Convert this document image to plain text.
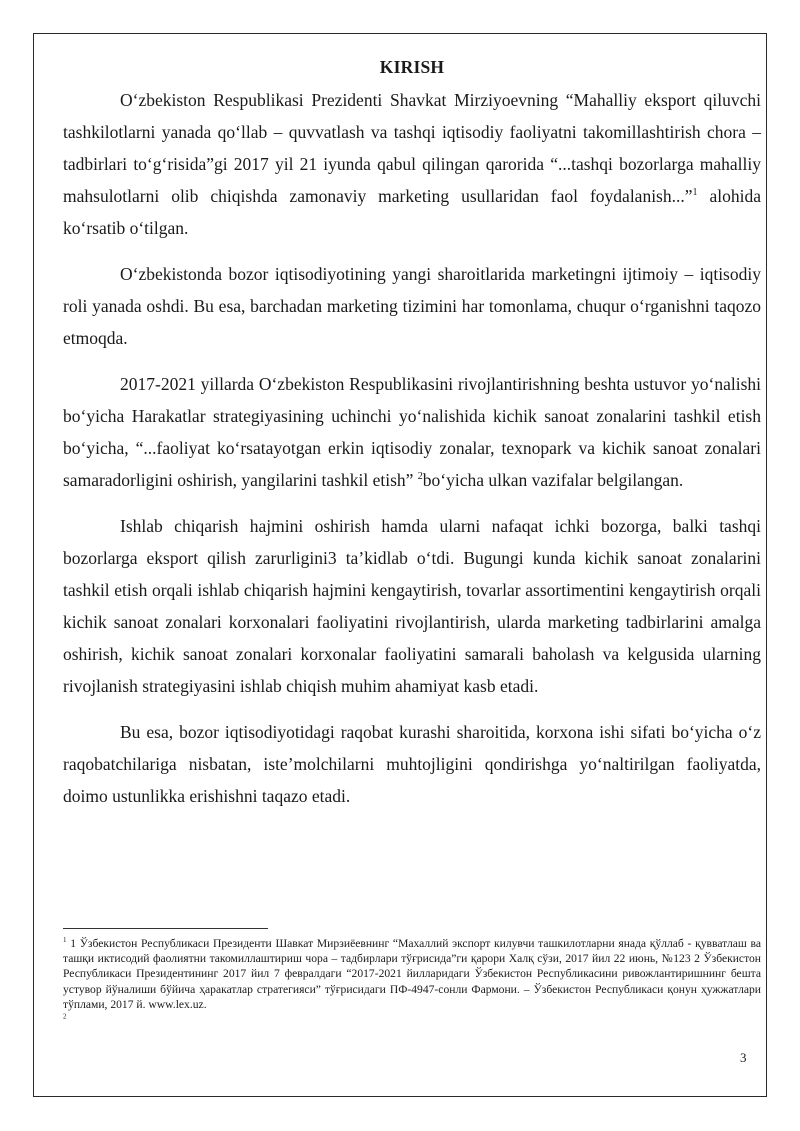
KIRISH

O‘zbekiston Respublikasi Prezidenti Shavkat Mirziyoevning “Mahalliy eksport qiluvchi tashkilotlarni yanada qo‘llab – quvvatlash va tashqi iqtisodiy faoliyatni takomillashtirish chora – tadbirlari to‘g‘risida”gi 2017 yil 21 iyunda qabul qilingan qarorida “...tashqi bozorlarga mahalliy mahsulotlarni olib chiqishda zamonaviy marketing usullaridan faol foydalanish...”$^1$ alohida ko‘rsatib o‘tilgan.

O‘zbekistonda bozor iqtisodiyotining yangi sharoitlarida marketingni ijtimoiy – iqtisodiy roli yanada oshdi. Bu esa, barchadan marketing tizimini har tomonlama, chuqur o‘rganishni taqozo etmoqda.

2017-2021 yillarda O‘zbekiston Respublikasini rivojlantirishning beshta ustuvor yo‘nalishi bo‘yicha Harakatlar strategiyasining uchinchi yo‘nalishida kichik sanoat zonalarini tashkil etish bo‘yicha, “...faoliyat ko‘rsatayotgan erkin iqtisodiy zonalar, texnopark va kichik sanoat zonalari samaradorligini oshirish, yangilarini tashkil etish” $^2$bo‘yicha ulkan vazifalar belgilangan.

Ishlab chiqarish hajmini oshirish hamda ularni nafaqat ichki bozorga, balki tashqi bozorlarga eksport qilish zarurligini3 ta’kidlab o‘tdi. Bugungi kunda kichik sanoat zonalarini tashkil etish orqali ishlab chiqarish hajmini kengaytirish, tovarlar assortimentini kengaytirish orqali kichik sanoat zonalari korxonalari faoliyatini rivojlantirish, ularda marketing tadbirlarini amalga oshirish, kichik sanoat zonalari korxonalar faoliyatini samarali baholash va kelgusida ularning rivojlanish strategiyasini ishlab chiqish muhim ahamiyat kasb etadi.

Bu esa, bozor iqtisodiyotidagi raqobat kurashi sharoitida, korxona ishi sifati bo‘yicha o‘z raqobatchilariga nisbatan, iste’molchilarni muhtojligini qondirishga yo‘naltirilgan faoliyatda, doimo ustunlikka erishishni taqazo etadi.

$^1$ 1 Ўзбекистон Республикаси Президенти Шавкат Мирзиёевнинг “Махаллий экспорт килувчи ташкилотларни янада қўллаб - қувватлаш ва ташқи иктисодий фаолиятни такомиллаштириш чора – тадбирлари тўғрисида”ги қарори Халқ сўзи, 2017 йил 22 июнь, №123 2 Ўзбекистон Республикаси Президентининг 2017 йил 7 февралдаги “2017-2021 йилларидаги Ўзбекистон Республикасини ривожлантиришнинг бешта устувор йўналиши бўйича ҳаракатлар стратегияси” тўғрисидаги ПФ-4947-сонли Фармони. – Ўзбекистон Республикаси қонун ҳужжатлари тўплами, 2017 й. www.lex.uz.

2

3
